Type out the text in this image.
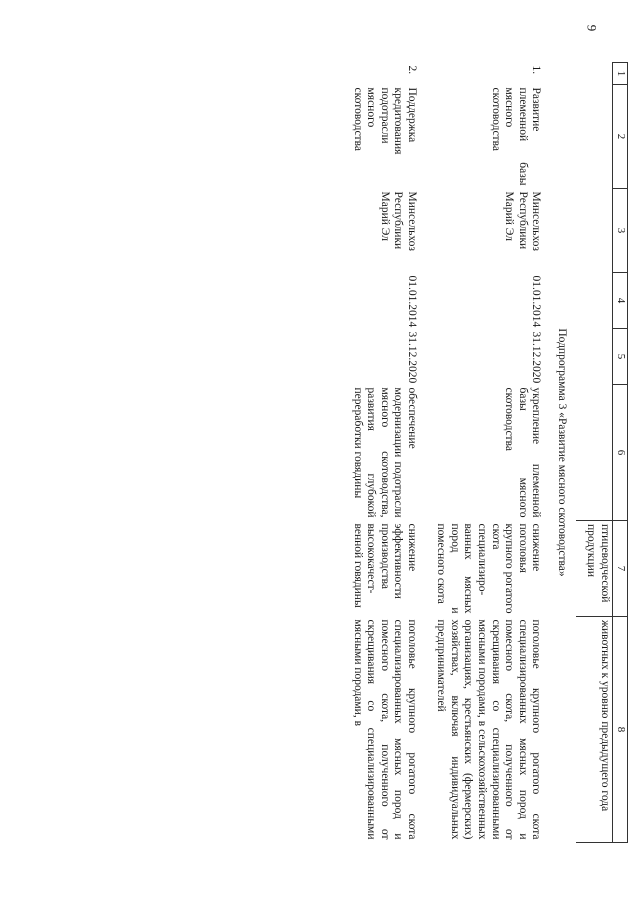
9
1	2	3	4	5	6	7	8
						птицеводческой продукции	животных к уровню предыдущего года
Подпрограмма 3 «Развитие мясного скотоводства»							
1.	Развитие племенной базы мясного скотоводства	Минсельхоз Республики Марий Эл	01.01.2014	31.12.2020	укрепление племенной базы мясного скотоводства	снижение поголовья крупного рогатого скота специализиро-ванных мясных пород и помесного скота	поголовье крупного рогатого скота специализированных мясных пород и помесного скота, полученного от скрещивания со специализированными мясными породами, в сельскохозяйственных организациях, крестьянских (фермерских) хозяйствах, включая индивидуальных предпринимателей
2.	Поддержка кредитования подотрасли мясного скотоводства	Минсельхоз Республики Марий Эл	01.01.2014	31.12.2020	обеспечение модернизации подотрасли мясного скотоводства, развития глубокой переработки говядины	снижение эффективности производства высококачест-венной говядины	поголовье крупного рогатого скота специализированных мясных пород и помесного скота, полученного от скрещивания со специализированными мясными породами, в
